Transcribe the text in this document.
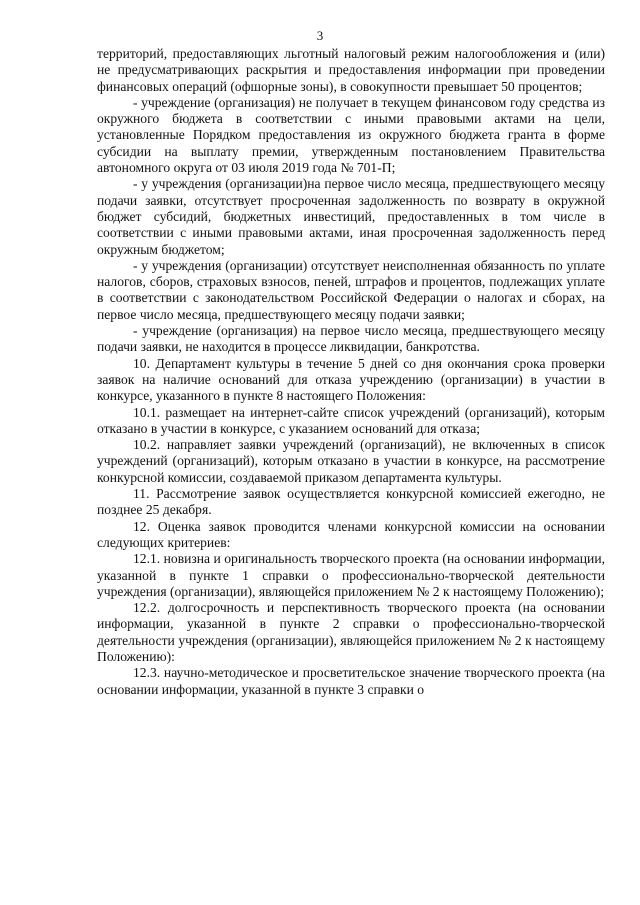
3

территорий, предоставляющих льготный налоговый режим налогообложения и (или) не предусматривающих раскрытия и предоставления информации при проведении финансовых операций (офшорные зоны), в совокупности превышает 50 процентов;

- учреждение (организация) не получает в текущем финансовом году средства из окружного бюджета в соответствии с иными правовыми актами на цели, установленные Порядком предоставления из окружного бюджета гранта в форме субсидии на выплату премии, утвержденным постановлением Правительства автономного округа от 03 июля 2019 года № 701-П;

- у учреждения (организации)на первое число месяца, предшествующего месяцу подачи заявки, отсутствует просроченная задолженность по возврату в окружной бюджет субсидий, бюджетных инвестиций, предоставленных в том числе в соответствии с иными правовыми актами, иная просроченная задолженность перед окружным бюджетом;

- у учреждения (организации) отсутствует неисполненная обязанность по уплате налогов, сборов, страховых взносов, пеней, штрафов и процентов, подлежащих уплате в соответствии с законодательством Российской Федерации о налогах и сборах, на первое число месяца, предшествующего месяцу подачи заявки;

- учреждение (организация) на первое число месяца, предшествующего месяцу подачи заявки, не находится в процессе ликвидации, банкротства.

10. Департамент культуры в течение 5 дней со дня окончания срока проверки заявок на наличие оснований для отказа учреждению (организации) в участии в конкурсе, указанного в пункте 8 настоящего Положения:

10.1. размещает на интернет-сайте список учреждений (организаций), которым отказано в участии в конкурсе, с указанием оснований для отказа;

10.2. направляет заявки учреждений (организаций), не включенных в список учреждений (организаций), которым отказано в участии в конкурсе, на рассмотрение конкурсной комиссии, создаваемой приказом департамента культуры.

11. Рассмотрение заявок осуществляется конкурсной комиссией ежегодно, не позднее 25 декабря.

12. Оценка заявок проводится членами конкурсной комиссии на основании следующих критериев:

12.1. новизна и оригинальность творческого проекта (на основании информации, указанной в пункте 1 справки о профессионально-творческой деятельности учреждения (организации), являющейся приложением № 2 к настоящему Положению);

12.2. долгосрочность и перспективность творческого проекта (на основании информации, указанной в пункте 2 справки о профессионально-творческой деятельности учреждения (организации), являющейся приложением № 2 к настоящему Положению):

12.3. научно-методическое и просветительское значение творческого проекта (на основании информации, указанной в пункте 3 справки о
